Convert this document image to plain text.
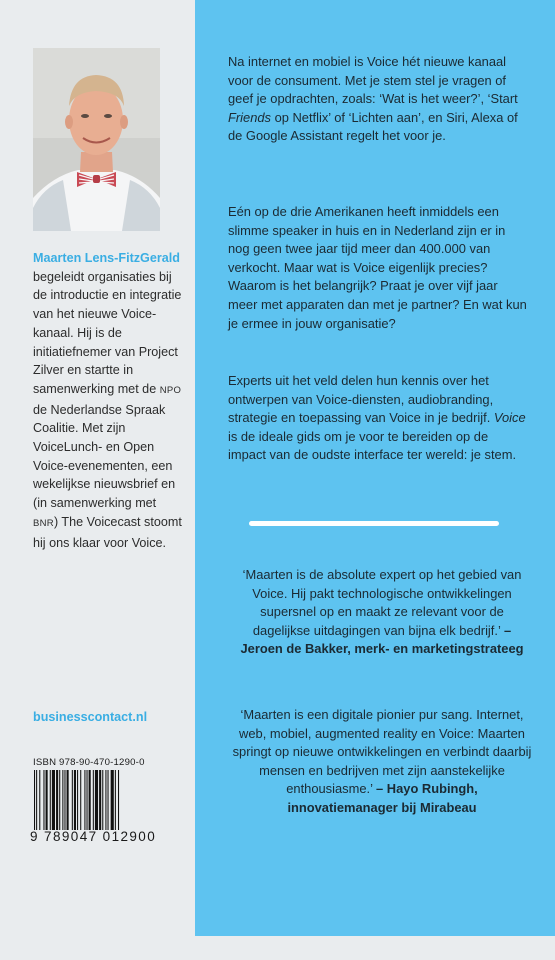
Maarten Lens-FitzGerald begeleidt organisaties bij de introductie en integratie van het nieuwe Voice-kanaal. Hij is de initiatiefnemer van Project Zilver en startte in samenwerking met de NPO de Nederlandse Spraak Coalitie. Met zijn VoiceLunch- en Open Voice-evenementen, een wekelijkse nieuwsbrief en (in samenwerking met BNR) The Voicecast stoomt hij ons klaar voor Voice.
businesscontact.nl
ISBN 978-90-470-1290-0
9 789047 012900
Na internet en mobiel is Voice hét nieuwe kanaal voor de consument. Met je stem stel je vragen of geef je opdrachten, zoals: ‘Wat is het weer?’, ‘Start Friends op Netflix’ of ‘Lichten aan’, en Siri, Alexa of de Google Assistant regelt het voor je.
Eén op de drie Amerikanen heeft inmiddels een slimme speaker in huis en in Nederland zijn er in nog geen twee jaar tijd meer dan 400.000 van verkocht. Maar wat is Voice eigenlijk precies? Waarom is het belangrijk? Praat je over vijf jaar meer met apparaten dan met je partner? En wat kun je ermee in jouw organisatie?
Experts uit het veld delen hun kennis over het ontwerpen van Voice-diensten, audiobranding, strategie en toepassing van Voice in je bedrijf. Voice is de ideale gids om je voor te bereiden op de impact van de oudste interface ter wereld: je stem.
‘Maarten is de absolute expert op het gebied van Voice. Hij pakt technologische ontwikkelingen supersnel op en maakt ze relevant voor de dagelijkse uitdagingen van bijna elk bedrijf.’ – Jeroen de Bakker, merk- en marketingstrateeg
‘Maarten is een digitale pionier pur sang. Internet, web, mobiel, augmented reality en Voice: Maarten springt op nieuwe ontwikkelingen en verbindt daarbij mensen en bedrijven met zijn aanstekelijke enthousiasme.’ – Hayo Rubingh, innovatiemanager bij Mirabeau
